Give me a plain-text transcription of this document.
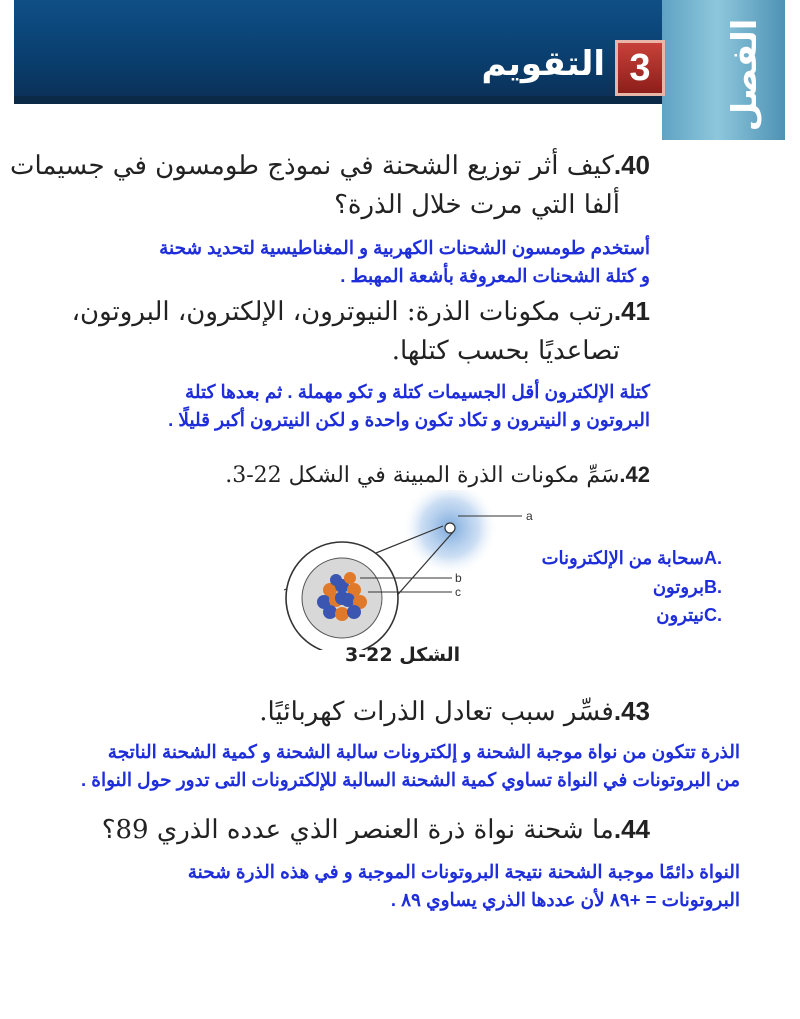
الفصل
3
التقويم
40.كيف أثر توزيع الشحنة في نموذج طومسون في جسيمات
ألفا التي مرت خلال الذرة؟
أستخدم طومسون الشحنات الكهربية و المغناطيسية لتحديد شحنة
و كتلة الشحنات المعروفة بأشعة المهبط .
41.رتب مكونات الذرة: النيوترون، الإلكترون، البروتون،
تصاعديًا بحسب كتلها.
كتلة الإلكترون أقل الجسيمات كتلة و تكو مهملة . ثم بعدها كتلة
البروتون و النيترون و تكاد تكون واحدة و لكن النيترون أكبر قليلًا .
42.سَمِّ مكونات الذرة المبينة في الشكل 22-3.
a
b
c
A.سحابة من الإلكترونات
B.بروتون
C.نيترون
الشكل 22-3
43.فسِّر سبب تعادل الذرات كهربائيًا.
الذرة تتكون من نواة موجبة الشحنة و إلكترونات سالبة الشحنة و كمية الشحنة الناتجة
من البروتونات في النواة تساوي كمية الشحنة السالبة للإلكترونات التى تدور حول النواة .
44.ما شحنة نواة ذرة العنصر الذي عدده الذري 89؟
النواة دائمًا موجبة الشحنة نتيجة البروتونات الموجبة و في هذه الذرة شحنة
البروتونات = +٨٩ لأن عددها الذري يساوي ٨٩ .
